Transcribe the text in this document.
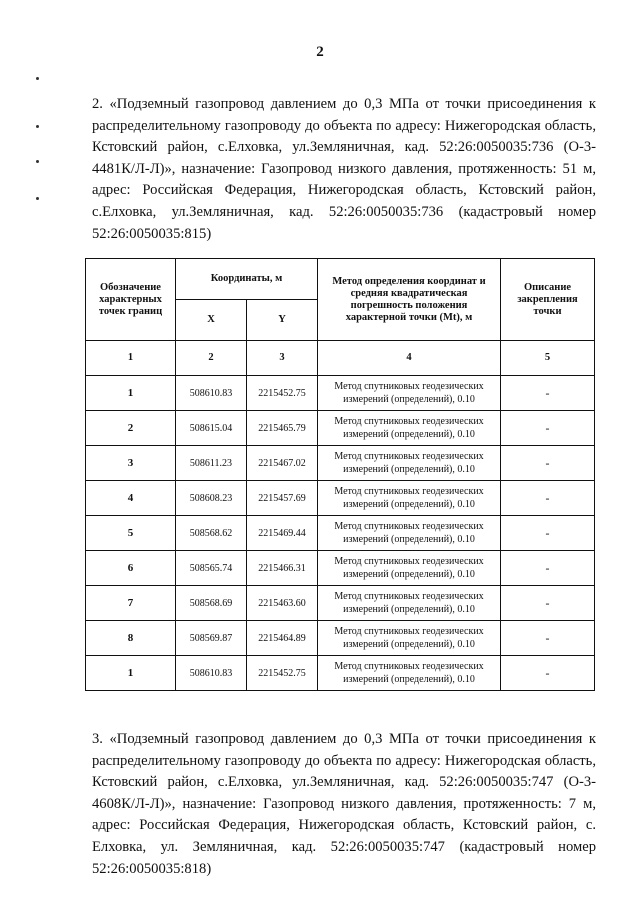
2
2. «Подземный газопровод давлением до 0,3 МПа от точки присоединения к распределительному газопроводу до объекта по адресу: Нижегородская область, Кстовский район, с.Елховка, ул.Земляничная, кад. 52:26:0050035:736 (О-3-4481К/Л-Л)», назначение: Газопровод низкого давления, протяженность: 51 м, адрес: Российская Федерация, Нижегородская область, Кстовский район, с.Елховка, ул.Земляничная, кад. 52:26:0050035:736 (кадастровый номер 52:26:0050035:815)
Обозначение характерных точек границ	Координаты, м		Метод определения координат и средняя квадратическая погрешность положения характерной точки (Мt), м	Описание закрепления точки
	X	Y		
1	2	3	4	5
1	508610.83	2215452.75	Метод спутниковых геодезических измерений (определений), 0.10	-
2	508615.04	2215465.79	Метод спутниковых геодезических измерений (определений), 0.10	-
3	508611.23	2215467.02	Метод спутниковых геодезических измерений (определений), 0.10	-
4	508608.23	2215457.69	Метод спутниковых геодезических измерений (определений), 0.10	-
5	508568.62	2215469.44	Метод спутниковых геодезических измерений (определений), 0.10	-
6	508565.74	2215466.31	Метод спутниковых геодезических измерений (определений), 0.10	-
7	508568.69	2215463.60	Метод спутниковых геодезических измерений (определений), 0.10	-
8	508569.87	2215464.89	Метод спутниковых геодезических измерений (определений), 0.10	-
1	508610.83	2215452.75	Метод спутниковых геодезических измерений (определений), 0.10	-
3. «Подземный газопровод давлением до 0,3 МПа от точки присоединения к распределительному газопроводу до объекта по адресу: Нижегородская область, Кстовский район, с.Елховка, ул.Земляничная, кад. 52:26:0050035:747 (О-3-4608К/Л-Л)», назначение: Газопровод низкого давления, протяженность: 7 м, адрес: Российская Федерация, Нижегородская область, Кстовский район, с. Елховка, ул. Земляничная, кад. 52:26:0050035:747 (кадастровый номер 52:26:0050035:818)
